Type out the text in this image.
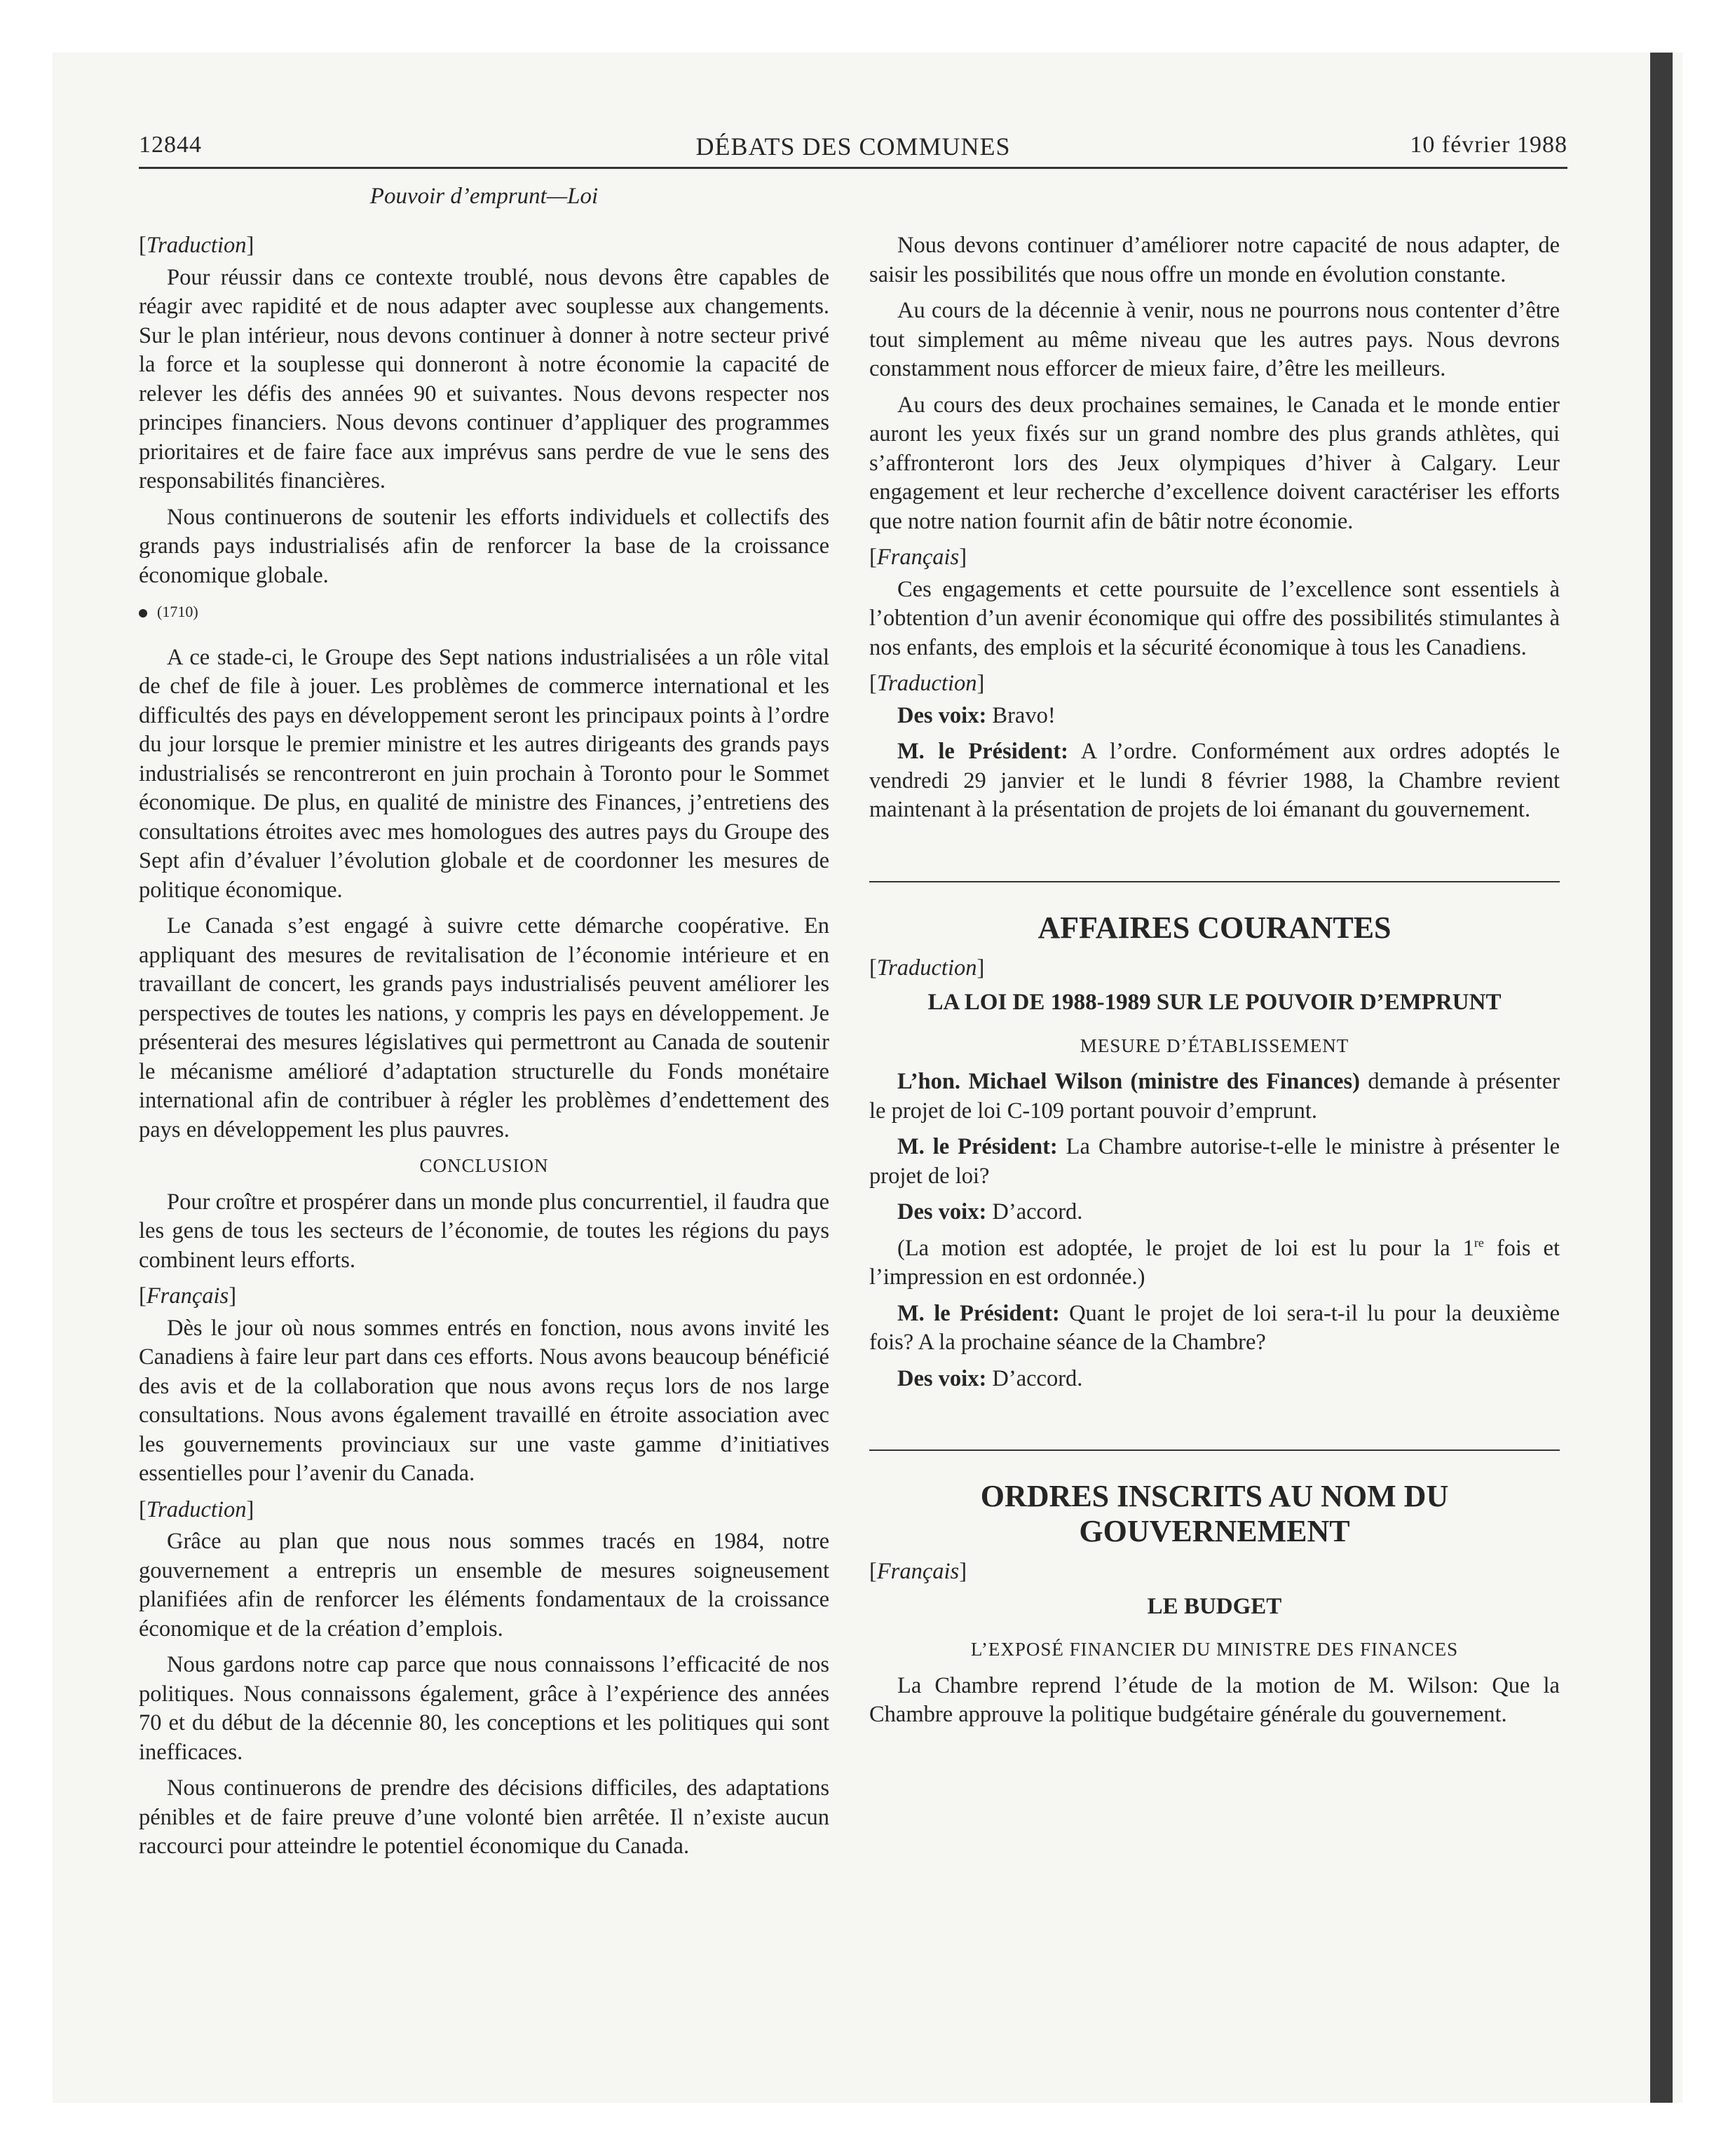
12844	DÉBATS DES COMMUNES	10 février 1988
Pouvoir d’emprunt—Loi
[Traduction]

Pour réussir dans ce contexte troublé, nous devons être capables de réagir avec rapidité et de nous adapter avec souplesse aux changements. Sur le plan intérieur, nous devons continuer à donner à notre secteur privé la force et la souplesse qui donneront à notre économie la capacité de relever les défis des années 90 et suivantes. Nous devons respecter nos principes financiers. Nous devons continuer d’appliquer des programmes prioritaires et de faire face aux imprévus sans perdre de vue le sens des responsabilités financières.

Nous continuerons de soutenir les efforts individuels et collectifs des grands pays industrialisés afin de renforcer la base de la croissance économique globale.

(1710)

A ce stade-ci, le Groupe des Sept nations industrialisées a un rôle vital de chef de file à jouer. Les problèmes de commerce international et les difficultés des pays en développement seront les principaux points à l’ordre du jour lorsque le premier ministre et les autres dirigeants des grands pays industrialisés se rencontreront en juin prochain à Toronto pour le Sommet économique. De plus, en qualité de ministre des Finances, j’entretiens des consultations étroites avec mes homologues des autres pays du Groupe des Sept afin d’évaluer l’évolution globale et de coordonner les mesures de politique économique.

Le Canada s’est engagé à suivre cette démarche coopérative. En appliquant des mesures de revitalisation de l’économie intérieure et en travaillant de concert, les grands pays industrialisés peuvent améliorer les perspectives de toutes les nations, y compris les pays en développement. Je présenterai des mesures législatives qui permettront au Canada de soutenir le mécanisme amélioré d’adaptation structurelle du Fonds monétaire international afin de contribuer à régler les problèmes d’endettement des pays en développement les plus pauvres.

CONCLUSION

Pour croître et prospérer dans un monde plus concurrentiel, il faudra que les gens de tous les secteurs de l’économie, de toutes les régions du pays combinent leurs efforts.

[Français]

Dès le jour où nous sommes entrés en fonction, nous avons invité les Canadiens à faire leur part dans ces efforts. Nous avons beaucoup bénéficié des avis et de la collaboration que nous avons reçus lors de nos large consultations. Nous avons également travaillé en étroite association avec les gouvernements provinciaux sur une vaste gamme d’initiatives essentielles pour l’avenir du Canada.

[Traduction]

Grâce au plan que nous nous sommes tracés en 1984, notre gouvernement a entrepris un ensemble de mesures soigneusement planifiées afin de renforcer les éléments fondamentaux de la croissance économique et de la création d’emplois.

Nous gardons notre cap parce que nous connaissons l’efficacité de nos politiques. Nous connaissons également, grâce à l’expérience des années 70 et du début de la décennie 80, les conceptions et les politiques qui sont inefficaces.

Nous continuerons de prendre des décisions difficiles, des adaptations pénibles et de faire preuve d’une volonté bien arrêtée. Il n’existe aucun raccourci pour atteindre le potentiel économique du Canada.

Nous devons continuer d’améliorer notre capacité de nous adapter, de saisir les possibilités que nous offre un monde en évolution constante.

Au cours de la décennie à venir, nous ne pourrons nous contenter d’être tout simplement au même niveau que les autres pays. Nous devrons constamment nous efforcer de mieux faire, d’être les meilleurs.

Au cours des deux prochaines semaines, le Canada et le monde entier auront les yeux fixés sur un grand nombre des plus grands athlètes, qui s’affronteront lors des Jeux olympiques d’hiver à Calgary. Leur engagement et leur recherche d’excellence doivent caractériser les efforts que notre nation fournit afin de bâtir notre économie.

[Français]

Ces engagements et cette poursuite de l’excellence sont essentiels à l’obtention d’un avenir économique qui offre des possibilités stimulantes à nos enfants, des emplois et la sécurité économique à tous les Canadiens.

[Traduction]

Des voix: Bravo!

M. le Président: A l’ordre. Conformément aux ordres adoptés le vendredi 29 janvier et le lundi 8 février 1988, la Chambre revient maintenant à la présentation de projets de loi émanant du gouvernement.

AFFAIRES COURANTES
[Traduction]
LA LOI DE 1988-1989 SUR LE POUVOIR D’EMPRUNT
MESURE D’ÉTABLISSEMENT

L’hon. Michael Wilson (ministre des Finances) demande à présenter le projet de loi C-109 portant pouvoir d’emprunt.

M. le Président: La Chambre autorise-t-elle le ministre à présenter le projet de loi?

Des voix: D’accord.

(La motion est adoptée, le projet de loi est lu pour la 1re fois et l’impression en est ordonnée.)

M. le Président: Quant le projet de loi sera-t-il lu pour la deuxième fois? A la prochaine séance de la Chambre?

Des voix: D’accord.

ORDRES INSCRITS AU NOM DU GOUVERNEMENT
[Français]
LE BUDGET
L’EXPOSÉ FINANCIER DU MINISTRE DES FINANCES

La Chambre reprend l’étude de la motion de M. Wilson: Que la Chambre approuve la politique budgétaire générale du gouvernement.
